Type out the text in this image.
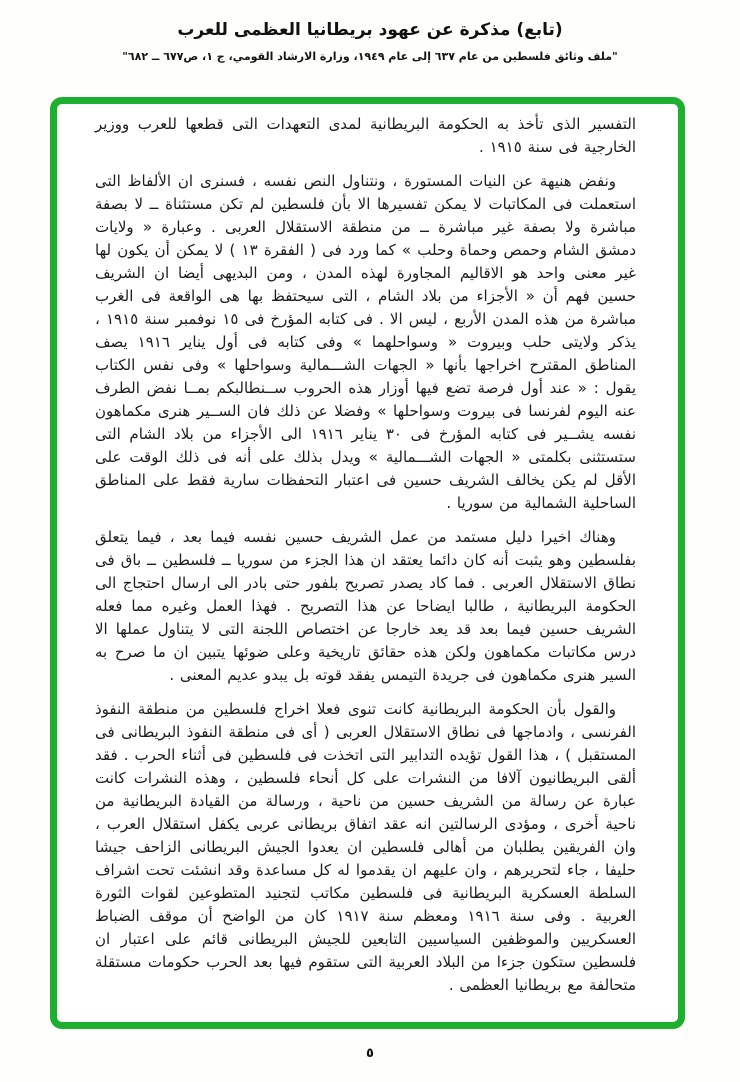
(تابع) مذكرة عن عهود بريطانيا العظمى للعرب
"ملف وثائق فلسطين من عام ٦٣٧ إلى عام ١٩٤٩، وزارة الارشاد القومي، ج ١، ص٦٧٧ ــ ٦٨٢"

التفسير الذى تأخذ به الحكومة البريطانية لمدى التعهدات التى قطعها للعرب ووزير الخارجية فى سنة ١٩١٥ .

ونفض هنيهة عن النيات المستورة ، ونتناول النص نفسه ، فسنرى ان الألفاظ التى استعملت فى المكاتبات لا يمكن تفسيرها الا بأن فلسطين لم تكن مستثناة ــ لا بصفة مباشرة ولا بصفة غير مباشرة ــ من منطقة الاستقلال العربى . وعبارة « ولايات دمشق الشام وحمص وحماة وحلب » كما ورد فى ( الفقرة ١٣ ) لا يمكن أن يكون لها غير معنى واحد هو الاقاليم المجاورة لهذه المدن ، ومن البديهى أيضا ان الشريف حسين فهم أن « الأجزاء من بلاد الشام ، التى سيحتفظ بها هى الواقعة فى الغرب مباشرة من هذه المدن الأربع ، ليس الا . فى كتابه المؤرخ فى ١٥ نوفمبر سنة ١٩١٥ ، يذكر ولايتى حلب وبيروت « وسواحلهما » وفى كتابه فى أول يناير ١٩١٦ يصف المناطق المقترح اخراجها بأنها « الجهات الشـــمالية وسواحلها » وفى نفس الكتاب يقول : « عند أول فرصة تضع فيها أوزار هذه الحروب ســنطالبكم بمــا نفض الطرف عنه اليوم لفرنسا فى بيروت وسواحلها » وفضلا عن ذلك فان الســير هنرى مكماهون نفسه يشــير فى كتابه المؤرخ فى ٣٠ يناير ١٩١٦ الى الأجزاء من بلاد الشام التى ستستثنى بكلمتى « الجهات الشـــمالية » ويدل بذلك على أنه فى ذلك الوقت على الأقل لم يكن يخالف الشريف حسين فى اعتبار التحفظات سارية فقط على المناطق الساحلية الشمالية من سوريا .

وهناك اخيرا دليل مستمد من عمل الشريف حسين نفسه فيما بعد ، فيما يتعلق بفلسطين وهو يثبت أنه كان دائما يعتقد ان هذا الجزء من سوريا ــ فلسطين ــ باق فى نطاق الاستقلال العربى . فما كاد يصدر تصريح بلفور حتى بادر الى ارسال احتجاج الى الحكومة البريطانية ، طالبا ايضاحا عن هذا التصريح . فهذا العمل وغيره مما فعله الشريف حسين فيما بعد قد يعد خارجا عن اختصاص اللجنة التى لا يتناول عملها الا درس مكاتبات مكماهون ولكن هذه حقائق تاريخية وعلى ضوئها يتبين ان ما صرح به السير هنرى مكماهون فى جريدة التيمس يفقد قوته بل يبدو عديم المعنى .

والقول بأن الحكومة البريطانية كانت تنوى فعلا اخراج فلسطين من منطقة النفوذ الفرنسى ، وادماجها فى نطاق الاستقلال العربى ( أى فى منطقة النفوذ البريطانى فى المستقبل ) ، هذا القول تؤيده التدابير التى اتخذت فى فلسطين فى أثناء الحرب . فقد ألقى البريطانيون آلافا من النشرات على كل أنحاء فلسطين ، وهذه النشرات كانت عبارة عن رسالة من الشريف حسين من ناحية ، ورسالة من القيادة البريطانية من ناحية أخرى ، ومؤدى الرسالتين انه عقد اتفاق بريطانى عربى يكفل استقلال العرب ، وان الفريقين يطلبان من أهالى فلسطين ان يعدوا الجيش البريطانى الزاحف جيشا حليفا ، جاء لتحريرهم ، وان عليهم ان يقدموا له كل مساعدة وقد انشئت تحت اشراف السلطة العسكرية البريطانية فى فلسطين مكاتب لتجنيد المتطوعين لقوات الثورة العربية . وفى سنة ١٩١٦ ومعظم سنة ١٩١٧ كان من الواضح أن موقف الضباط العسكريين والموظفين السياسيين التابعين للجيش البريطانى قائم على اعتبار ان فلسطين ستكون جزءا من البلاد العربية التى ستقوم فيها بعد الحرب حكومات مستقلة متحالفة مع بريطانيا العظمى .

٥
